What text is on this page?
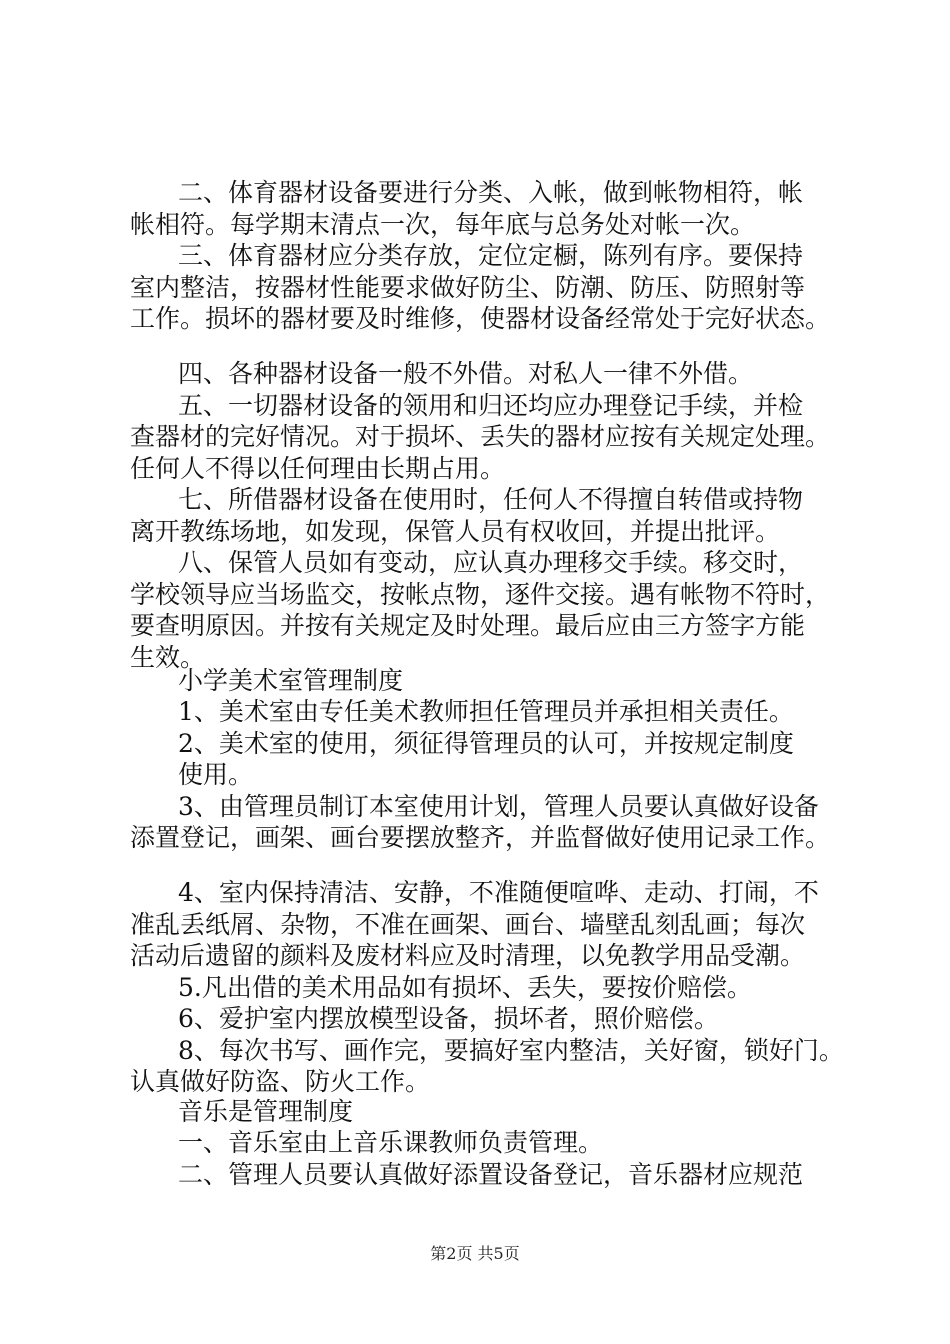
二、体育器材设备要进行分类、入帐，做到帐物相符，帐
帐相符。每学期末清点一次，每年底与总务处对帐一次。
三、体育器材应分类存放，定位定橱，陈列有序。要保持
室内整洁，按器材性能要求做好防尘、防潮、防压、防照射等
工作。损坏的器材要及时维修，使器材设备经常处于完好状态。
四、各种器材设备一般不外借。对私人一律不外借。
五、一切器材设备的领用和归还均应办理登记手续，并检
查器材的完好情况。对于损坏、丢失的器材应按有关规定处理。
任何人不得以任何理由长期占用。
七、所借器材设备在使用时，任何人不得擅自转借或持物
离开教练场地，如发现，保管人员有权收回，并提出批评。
八、保管人员如有变动，应认真办理移交手续。移交时，
学校领导应当场监交，按帐点物，逐件交接。遇有帐物不符时，
要查明原因。并按有关规定及时处理。最后应由三方签字方能
生效。
小学美术室管理制度
1、美术室由专任美术教师担任管理员并承担相关责任。
2、美术室的使用，须征得管理员的认可，并按规定制度
使用。
3、由管理员制订本室使用计划，管理人员要认真做好设备
添置登记，画架、画台要摆放整齐，并监督做好使用记录工作。
4、室内保持清洁、安静，不准随便喧哗、走动、打闹，不
准乱丢纸屑、杂物，不准在画架、画台、墙壁乱刻乱画；每次
活动后遗留的颜料及废材料应及时清理，以免教学用品受潮。
5.凡出借的美术用品如有损坏、丢失，要按价赔偿。
6、爱护室内摆放模型设备，损坏者，照价赔偿。
8、每次书写、画作完，要搞好室内整洁，关好窗，锁好门。
认真做好防盗、防火工作。
音乐是管理制度
一、音乐室由上音乐课教师负责管理。
二、管理人员要认真做好添置设备登记，音乐器材应规范
第2页 共5页
